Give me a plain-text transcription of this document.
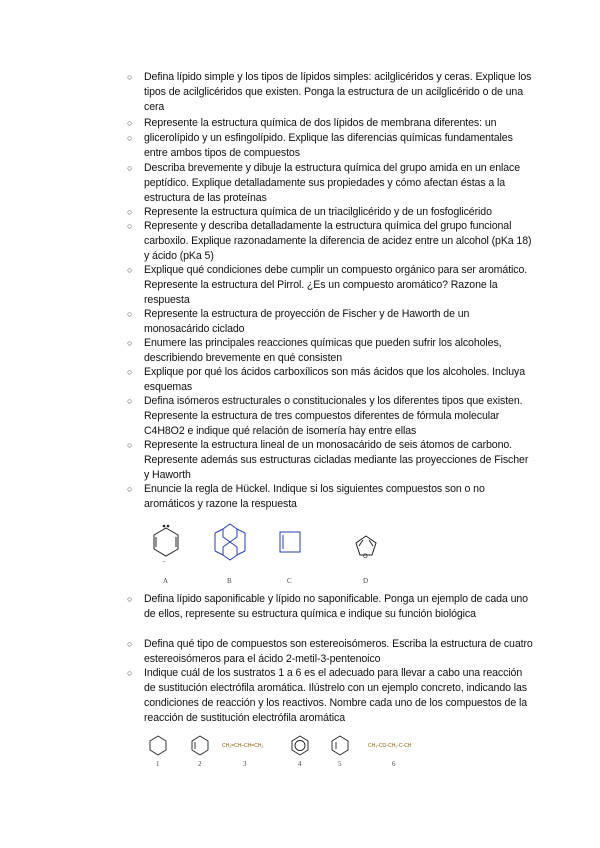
○ Defina lípido simple y los tipos de lípidos simples: acilglicéridos y ceras. Explique los tipos de acilglicéridos que existen. Ponga la estructura de un acilglicérido o de una cera
○ Represente la estructura química de dos lípidos de membrana diferentes: un
○ glicerolípido y un esfingolípido. Explique las diferencias químicas fundamentales entre ambos tipos de compuestos
○ Describa brevemente y dibuje la estructura química del grupo amida en un enlace peptídico. Explique detalladamente sus propiedades y cómo afectan éstas a la estructura de las proteínas
○ Represente la estructura química de un triacilglicérido y de un fosfoglicérido
○ Represente y describa detalladamente la estructura química del grupo funcional carboxilo. Explique razonadamente la diferencia de acidez entre un alcohol (pKa 18) y ácido (pKa 5)
○ Explique qué condiciones debe cumplir un compuesto orgánico para ser aromático. Represente la estructura del Pirrol. ¿Es un compuesto aromático? Razone la respuesta
○ Represente la estructura de proyección de Fischer y de Haworth de un monosacárido ciclado
○ Enumere las principales reacciones químicas que pueden sufrir los alcoholes, describiendo brevemente en qué consisten
○ Explique por qué los ácidos carboxílicos son más ácidos que los alcoholes. Incluya esquemas
○ Defina isómeros estructurales o constitucionales y los diferentes tipos que existen. Represente la estructura de tres compuestos diferentes de fórmula molecular C4H8O2 e indique qué relación de isomería hay entre ellas
○ Represente la estructura lineal de un monosacárido de seis átomos de carbono. Represente además sus estructuras cicladas mediante las proyecciones de Fischer y Haworth
○ Enuncie la regla de Hückel. Indique si los siguientes compuestos son o no aromáticos y razone la respuesta
⁻
O
A	B	C	D
○ Defina lípido saponificable y lípido no saponificable. Ponga un ejemplo de cada uno de ellos, represente su estructura química e indique su función biológica
○ Defina qué tipo de compuestos son estereoisómeros. Escriba la estructura de cuatro estereoisómeros para el ácido 2-metil-3-pentenoico
○ Indique cuál de los sustratos 1 a 6 es el adecuado para llevar a cabo una reacción de sustitución electrófila aromática. Ilústrelo con un ejemplo concreto, indicando las condiciones de reacción y los reactivos. Nombre cada uno de los compuestos de la reacción de sustitución electrófila aromática
CH₂=CH–CH=CH₂	CH₃-CO-CH₂-C-CH
1	2	3	4	5	6
